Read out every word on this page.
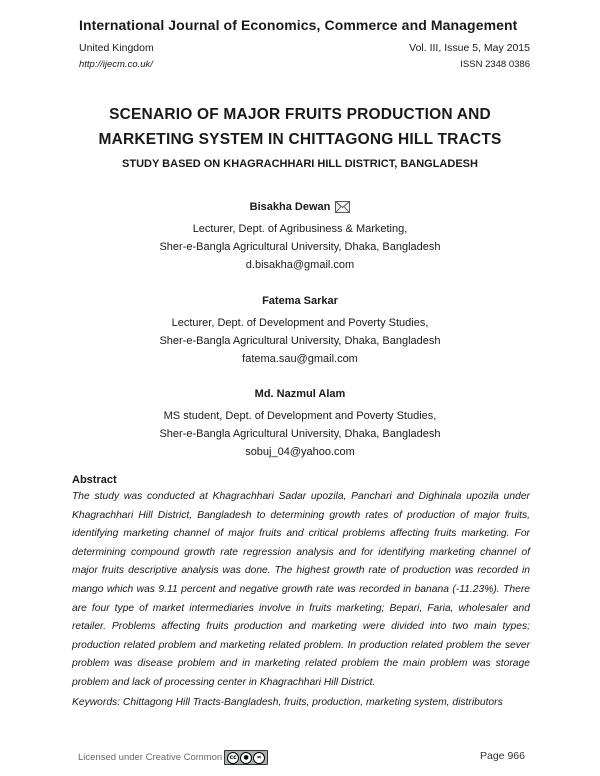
International Journal of Economics, Commerce and Management
United Kingdom	Vol. III, Issue 5, May 2015
http://ijecm.co.uk/	ISSN 2348 0386
SCENARIO OF MAJOR FRUITS PRODUCTION AND
MARKETING SYSTEM IN CHITTAGONG HILL TRACTS
STUDY BASED ON KHAGRACHHARI HILL DISTRICT, BANGLADESH
Bisakha Dewan
Lecturer, Dept. of Agribusiness & Marketing,
Sher-e-Bangla Agricultural University, Dhaka, Bangladesh
d.bisakha@gmail.com
Fatema Sarkar
Lecturer, Dept. of Development and Poverty Studies,
Sher-e-Bangla Agricultural University, Dhaka, Bangladesh
fatema.sau@gmail.com
Md. Nazmul Alam
MS student, Dept. of Development and Poverty Studies,
Sher-e-Bangla Agricultural University, Dhaka, Bangladesh
sobuj_04@yahoo.com
Abstract
The study was conducted at Khagrachhari Sadar upozila, Panchari and Dighinala upozila under Khagrachhari Hill District, Bangladesh to determining growth rates of production of major fruits, identifying marketing channel of major fruits and critical problems affecting fruits marketing. For determining compound growth rate regression analysis and for identifying marketing channel of major fruits descriptive analysis was done. The highest growth rate of production was recorded in mango which was 9.11 percent and negative growth rate was recorded in banana (-11.23%). There are four type of market intermediaries involve in fruits marketing; Bepari, Faria, wholesaler and retailer. Problems affecting fruits production and marketing were divided into two main types; production related problem and marketing related problem. In production related problem the sever problem was disease problem and in marketing related problem the main problem was storage problem and lack of processing center in Khagrachhari Hill District.
Keywords: Chittagong Hill Tracts-Bangladesh, fruits, production, marketing system, distributors
Licensed under Creative Common	cc	●	=	Page 966
